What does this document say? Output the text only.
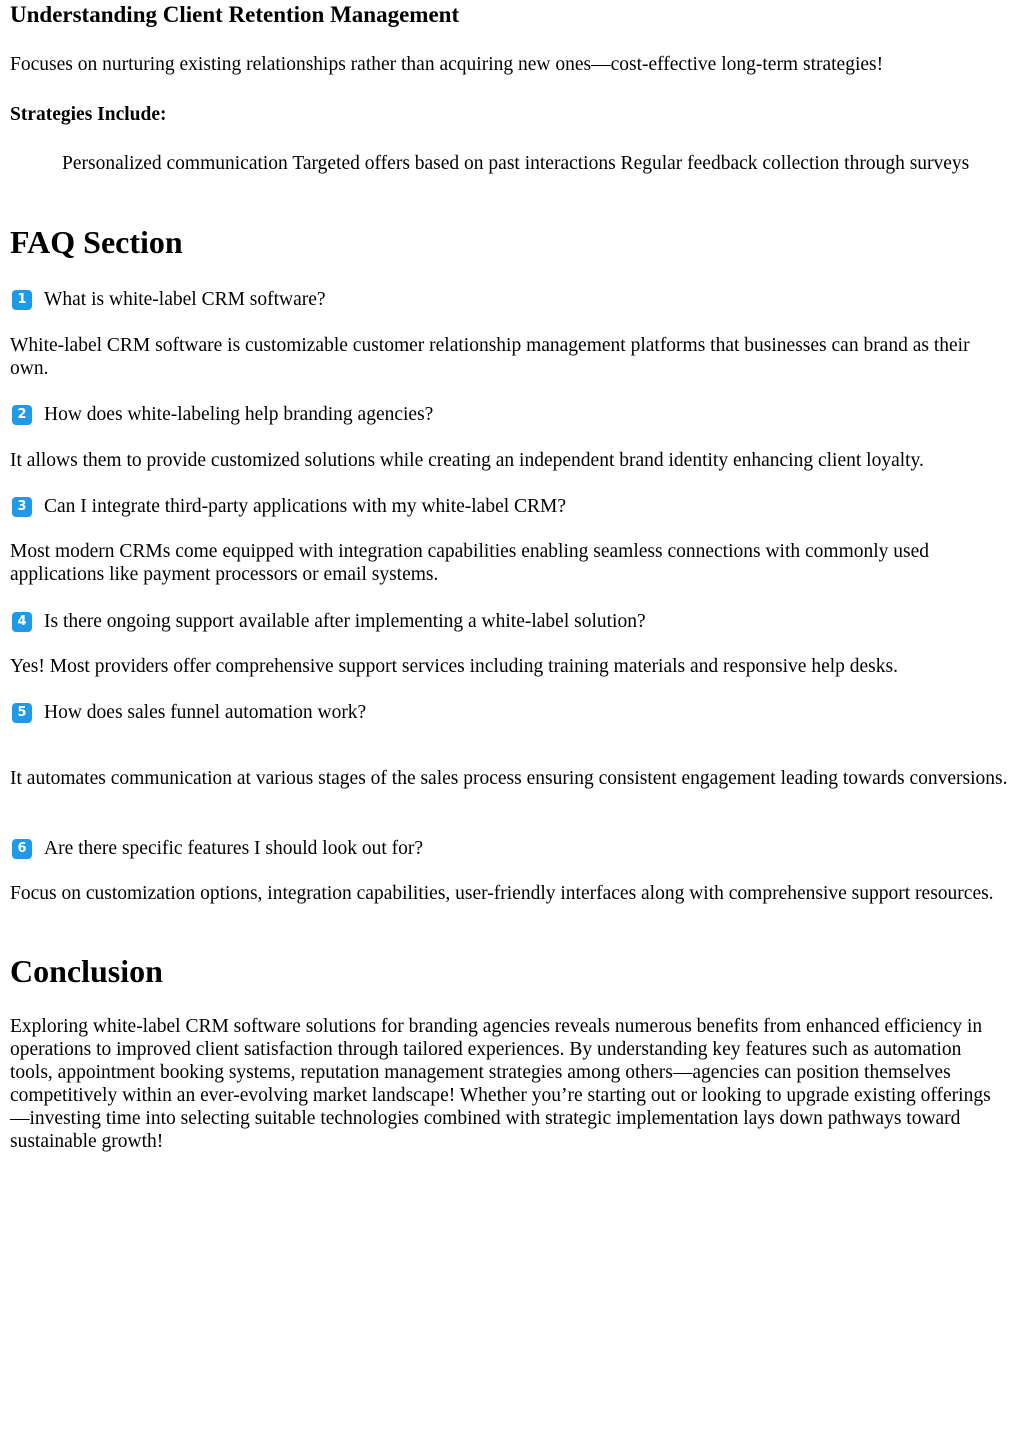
Understanding Client Retention Management

Focuses on nurturing existing relationships rather than acquiring new ones—cost-effective long-term strategies!

Strategies Include:

Personalized communication Targeted offers based on past interactions Regular feedback collection through surveys

FAQ Section
1 What is white-label CRM software?

White-label CRM software is customizable customer relationship management platforms that businesses can brand as their own.

2 How does white-labeling help branding agencies?

It allows them to provide customized solutions while creating an independent brand identity enhancing client loyalty.

3 Can I integrate third-party applications with my white-label CRM?

Most modern CRMs come equipped with integration capabilities enabling seamless connections with commonly used applications like payment processors or email systems.

4 Is there ongoing support available after implementing a white-label solution?

Yes! Most providers offer comprehensive support services including training materials and responsive help desks.

5 How does sales funnel automation work?

It automates communication at various stages of the sales process ensuring consistent engagement leading towards conversions.

6 Are there specific features I should look out for?

Focus on customization options, integration capabilities, user-friendly interfaces along with comprehensive support resources.

Conclusion

Exploring white-label CRM software solutions for branding agencies reveals numerous benefits from enhanced efficiency in operations to improved client satisfaction through tailored experiences. By understanding key features such as automation tools, appointment booking systems, reputation management strategies among others—agencies can position themselves competitively within an ever-evolving market landscape! Whether you’re starting out or looking to upgrade existing offerings—investing time into selecting suitable technologies combined with strategic implementation lays down pathways toward sustainable growth!
